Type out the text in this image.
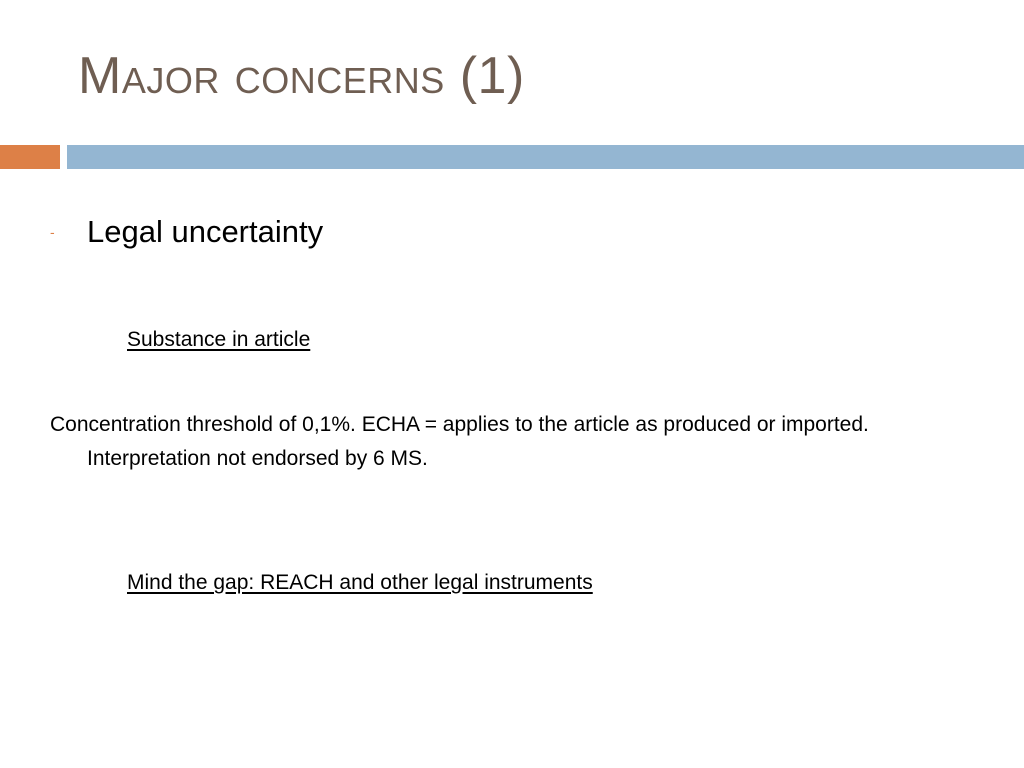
Major concerns (1)
-	Legal uncertainty
Substance in article

Concentration threshold of 0,1%. ECHA = applies to the article as produced or imported. Interpretation not endorsed by 6 MS.

Mind the gap: REACH and other legal instruments
